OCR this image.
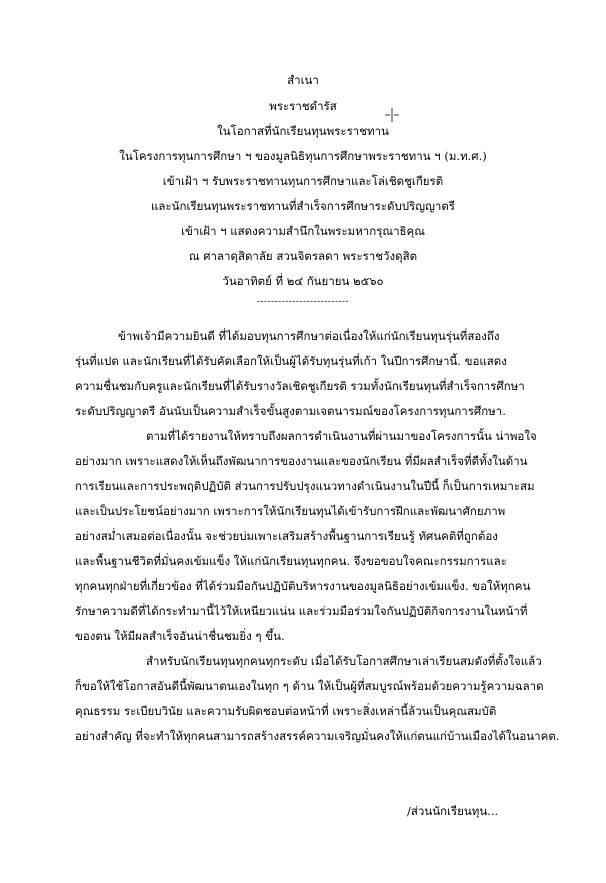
สำเนา
พระราชดำรัส
ในโอกาสที่นักเรียนทุนพระราชทาน
ในโครงการทุนการศึกษา ฯ ของมูลนิธิทุนการศึกษาพระราชทาน ฯ (ม.ท.ศ.)
เข้าเฝ้า ฯ รับพระราชทานทุนการศึกษาและโล่เชิดชูเกียรติ
และนักเรียนทุนพระราชทานที่สำเร็จการศึกษาระดับปริญญาตรี
เข้าเฝ้า ฯ แสดงความสำนึกในพระมหากรุณาธิคุณ
ณ ศาลาดุสิดาลัย สวนจิตรลดา พระราชวังดุสิต
วันอาทิตย์ ที่ ๒๔ กันยายน ๒๕๖๐
--------------------------
ข้าพเจ้ามีความยินดี ที่ได้มอบทุนการศึกษาต่อเนื่องให้แก่นักเรียนทุนรุ่นที่สองถึง
รุ่นที่แปด และนักเรียนที่ได้รับคัดเลือกให้เป็นผู้ได้รับทุนรุ่นที่เก้า ในปีการศึกษานี้. ขอแสดง
ความชื่นชมกับครูและนักเรียนที่ได้รับรางวัลเชิดชูเกียรติ รวมทั้งนักเรียนทุนที่สำเร็จการศึกษา
ระดับปริญญาตรี อันนับเป็นความสำเร็จขั้นสูงตามเจตนารมณ์ของโครงการทุนการศึกษา.
ตามที่ได้รายงานให้ทราบถึงผลการดำเนินงานที่ผ่านมาของโครงการนั้น น่าพอใจ
อย่างมาก เพราะแสดงให้เห็นถึงพัฒนาการของงานและของนักเรียน ที่มีผลสำเร็จที่ดีทั้งในด้าน
การเรียนและการประพฤติปฏิบัติ ส่วนการปรับปรุงแนวทางดำเนินงานในปีนี้ ก็เป็นการเหมาะสม
และเป็นประโยชน์อย่างมาก เพราะการให้นักเรียนทุนได้เข้ารับการฝึกและพัฒนาศักยภาพ
อย่างสม่ำเสมอต่อเนื่องนั้น จะช่วยบ่มเพาะเสริมสร้างพื้นฐานการเรียนรู้ ทัศนคติที่ถูกต้อง
และพื้นฐานชีวิตที่มั่นคงเข้มแข็ง ให้แก่นักเรียนทุนทุกคน. จึงขอขอบใจคณะกรรมการและ
ทุกคนทุกฝ่ายที่เกี่ยวข้อง ที่ได้ร่วมมือกันปฏิบัติบริหารงานของมูลนิธิอย่างเข้มแข็ง. ขอให้ทุกคน
รักษาความดีที่ได้กระทำมานี้ไว้ให้เหนียวแน่น และร่วมมือร่วมใจกันปฏิบัติกิจการงานในหน้าที่
ของตน ให้มีผลสำเร็จอันน่าชื่นชมยิ่ง ๆ ขึ้น.
สำหรับนักเรียนทุนทุกคนทุกระดับ เมื่อได้รับโอกาสศึกษาเล่าเรียนสมดังที่ตั้งใจแล้ว
ก็ขอให้ใช้โอกาสอันดีนี้พัฒนาตนเองในทุก ๆ ด้าน ให้เป็นผู้ที่สมบูรณ์พร้อมด้วยความรู้ความฉลาด
คุณธรรม ระเบียบวินัย และความรับผิดชอบต่อหน้าที่ เพราะสิ่งเหล่านี้ล้วนเป็นคุณสมบัติ
อย่างสำคัญ ที่จะทำให้ทุกคนสามารถสร้างสรรค์ความเจริญมั่นคงให้แก่ตนแก่บ้านเมืองได้ในอนาคต.
/ส่วนนักเรียนทุน...
